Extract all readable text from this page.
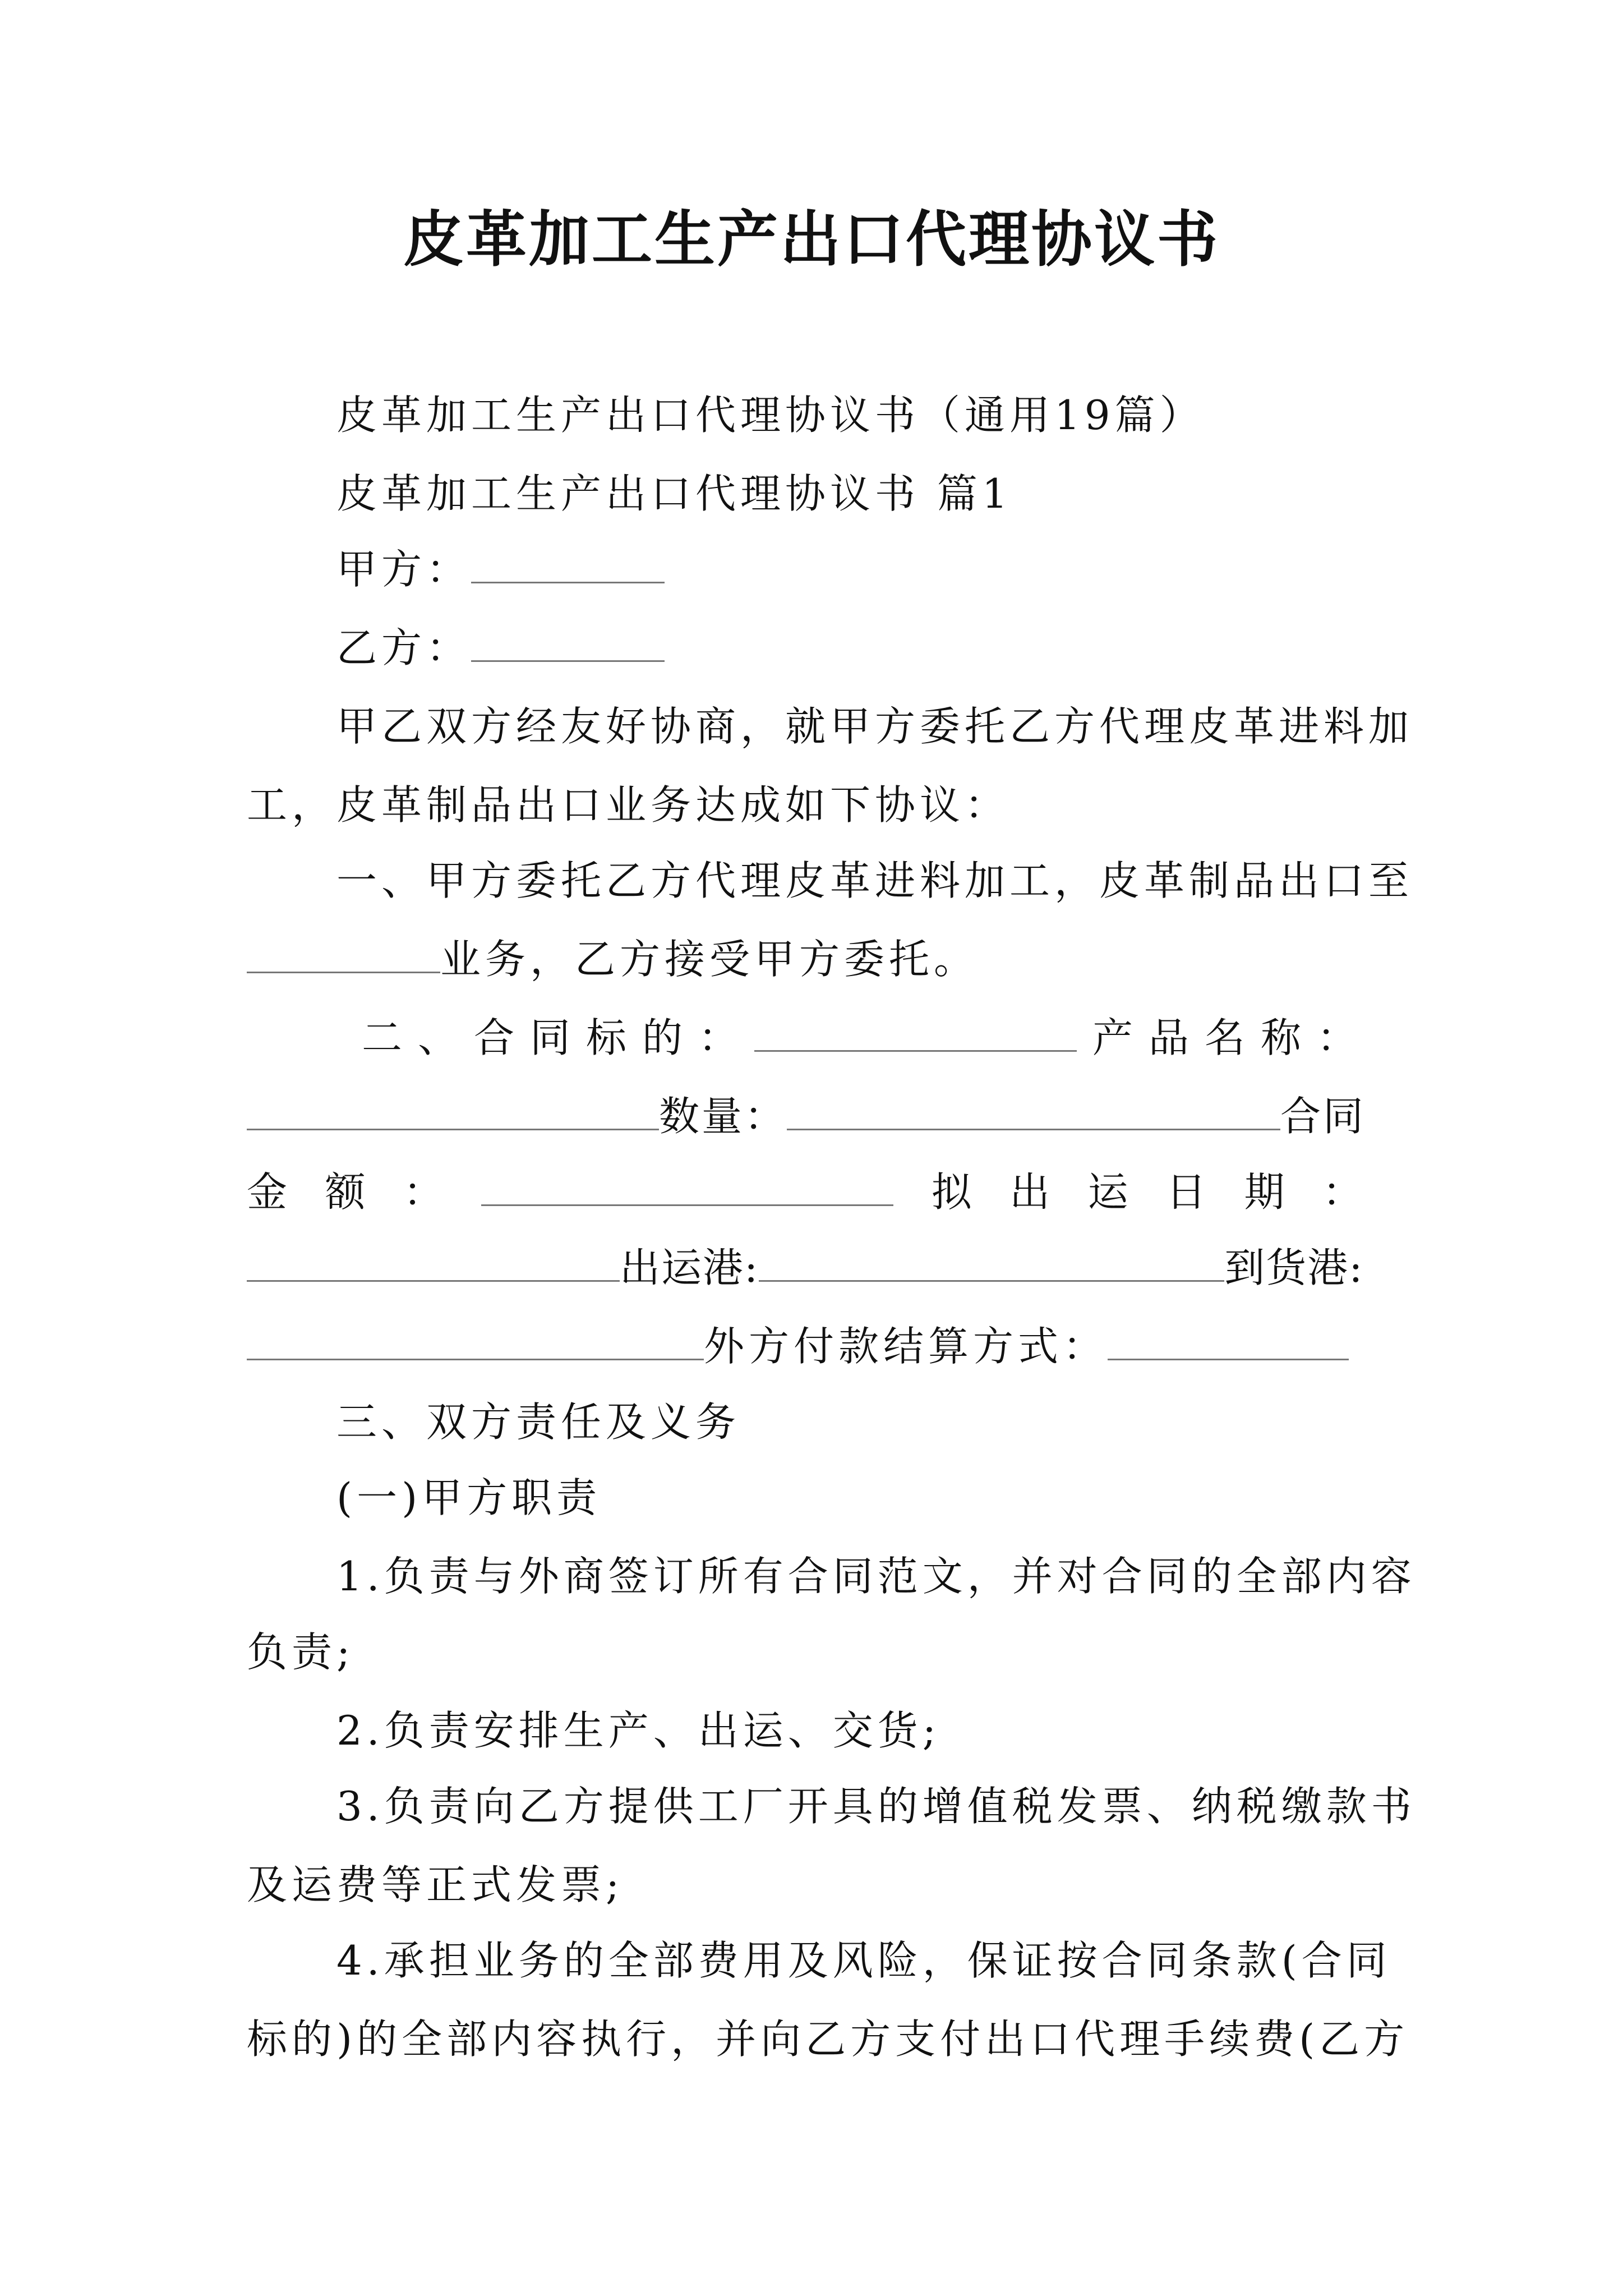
皮革加工生产出口代理协议书
皮革加工生产出口代理协议书（通用19篇）
皮革加工生产出口代理协议书 篇1
甲方：
乙方：
甲乙双方经友好协商，就甲方委托乙方代理皮革进料加
工，皮革制品出口业务达成如下协议：
一、甲方委托乙方代理皮革进料加工，皮革制品出口至
业务，乙方接受甲方委托。
二 、 合 同 标 的 ：	产 品 名 称 ：
数量：	合同
金 额 ：	拟 出 运 日 期 ：
出运港:	到货港:
外方付款结算方式：
三、双方责任及义务
(一)甲方职责
1.负责与外商签订所有合同范文，并对合同的全部内容
负责;
2.负责安排生产、出运、交货;
3.负责向乙方提供工厂开具的增值税发票、纳税缴款书
及运费等正式发票;
4.承担业务的全部费用及风险，保证按合同条款(合同
标的)的全部内容执行，并向乙方支付出口代理手续费(乙方
